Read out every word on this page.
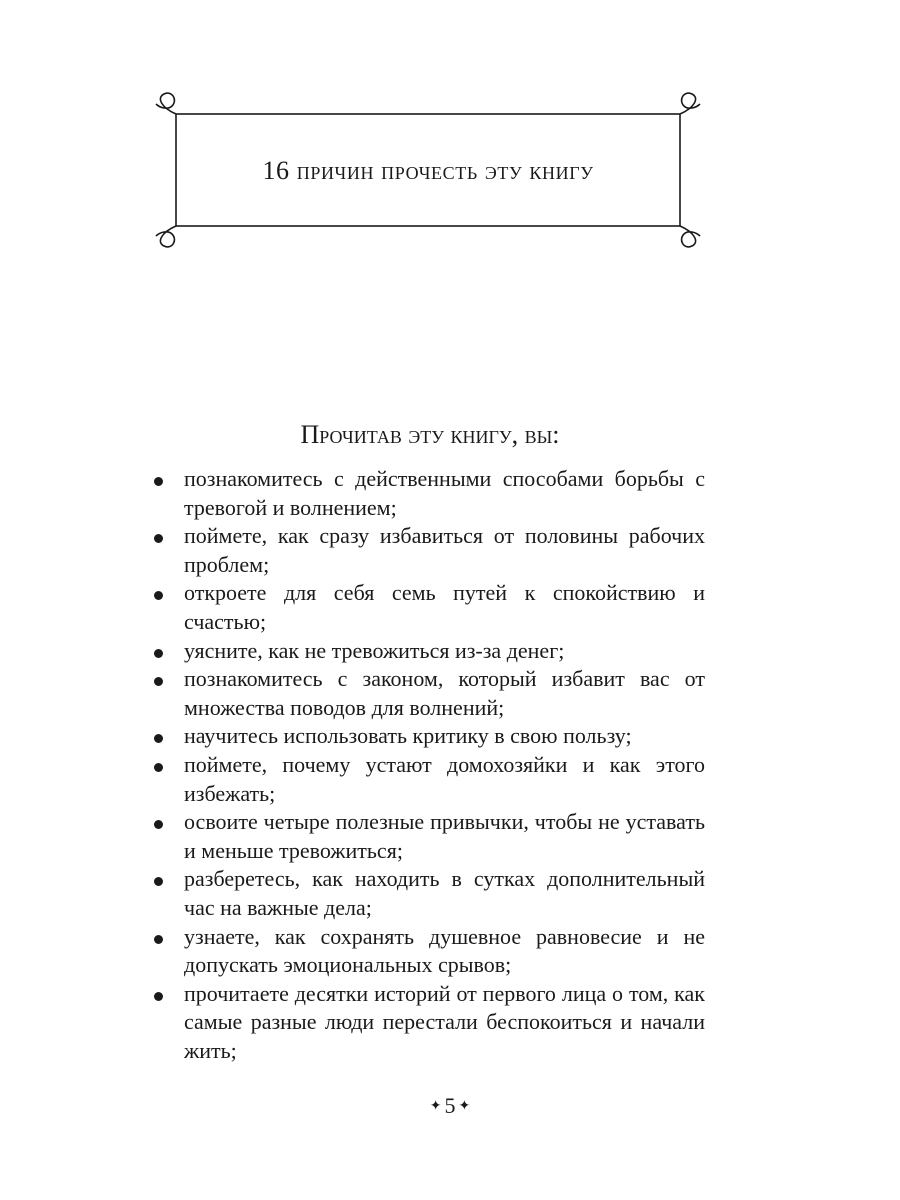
16 причин прочесть эту книгу
Прочитав эту книгу, вы:
познакомитесь с действенными способами борьбы с тревогой и волнением;
поймете, как сразу избавиться от половины рабочих проблем;
откроете для себя семь путей к спокойствию и счастью;
уясните, как не тревожиться из-за денег;
познакомитесь с законом, который избавит вас от множества поводов для волнений;
научитесь использовать критику в свою пользу;
поймете, почему устают домохозяйки и как этого избежать;
освоите четыре полезные привычки, чтобы не уставать и меньше тревожиться;
разберетесь, как находить в сутках дополнительный час на важные дела;
узнаете, как сохранять душевное равновесие и не допускать эмоциональных срывов;
прочитаете десятки историй от первого лица о том, как самые разные люди перестали беспокоиться и начали жить;
✦ 5 ✦
